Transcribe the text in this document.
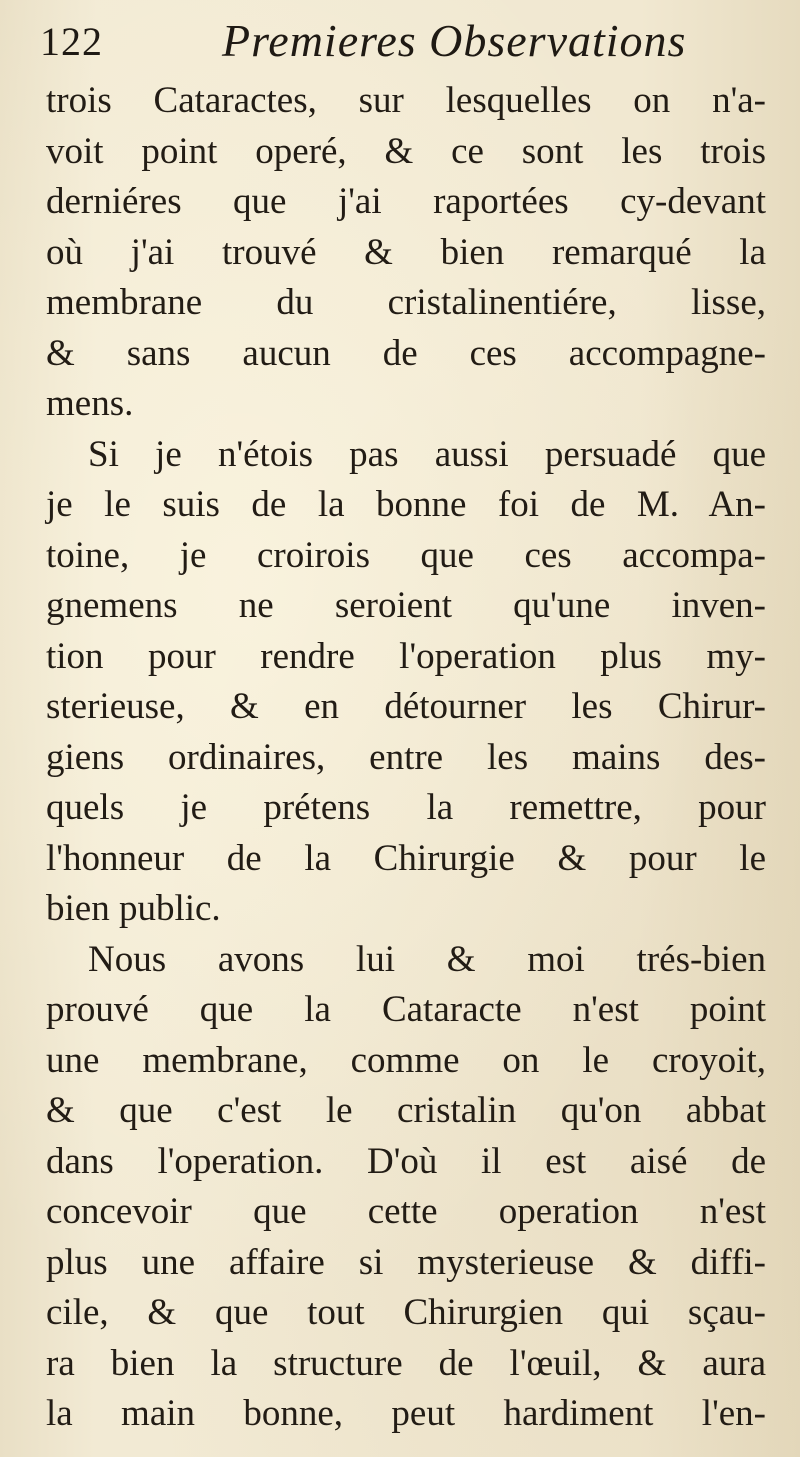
122	Premieres Observations
trois Cataractes, sur lesquelles on n'a-
voit point operé, & ce sont les trois
derniéres que j'ai raportées cy-devant
où j'ai trouvé & bien remarqué la
membrane du cristalinentiére, lisse,
& sans aucun de ces accompagne-
mens.
Si je n'étois pas aussi persuadé que
je le suis de la bonne foi de M. An-
toine, je croirois que ces accompa-
gnemens ne seroient qu'une inven-
tion pour rendre l'operation plus my-
sterieuse, & en détourner les Chirur-
giens ordinaires, entre les mains des-
quels je prétens la remettre, pour
l'honneur de la Chirurgie & pour le
bien public.
Nous avons lui & moi trés-bien
prouvé que la Cataracte n'est point
une membrane, comme on le croyoit,
& que c'est le cristalin qu'on abbat
dans l'operation. D'où il est aisé de
concevoir que cette operation n'est
plus une affaire si mysterieuse & diffi-
cile, & que tout Chirurgien qui sçau-
ra bien la structure de l'œuil, & aura
la main bonne, peut hardiment l'en-
